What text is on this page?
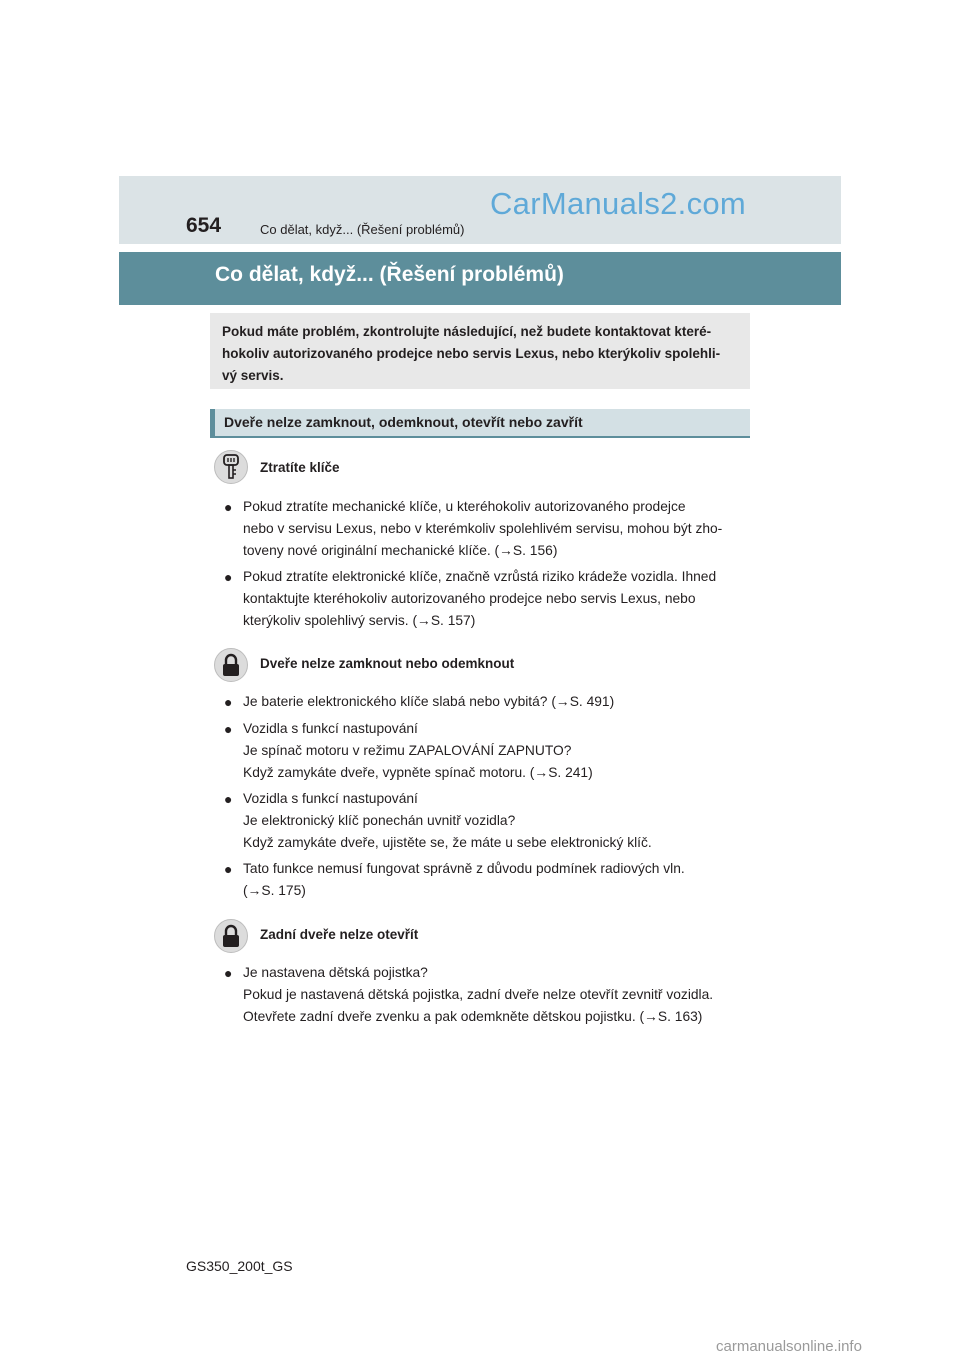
654	Co dělat, když... (Řešení problémů)
CarManuals2.com
Co dělat, když... (Řešení problémů)
Pokud máte problém, zkontrolujte následující, než budete kontaktovat které-
hokoliv autorizovaného prodejce nebo servis Lexus, nebo kterýkoliv spolehli-
vý servis.
Dveře nelze zamknout, odemknout, otevřít nebo zavřít
Ztratíte klíče
● Pokud ztratíte mechanické klíče, u kteréhokoliv autorizovaného prodejce
nebo v servisu Lexus, nebo v kterémkoliv spolehlivém servisu, mohou být zho-
toveny nové originální mechanické klíče. (→S. 156)
● Pokud ztratíte elektronické klíče, značně vzrůstá riziko krádeže vozidla. Ihned
kontaktujte kteréhokoliv autorizovaného prodejce nebo servis Lexus, nebo
kterýkoliv spolehlivý servis. (→S. 157)
Dveře nelze zamknout nebo odemknout
● Je baterie elektronického klíče slabá nebo vybitá? (→S. 491)
● Vozidla s funkcí nastupování
Je spínač motoru v režimu ZAPALOVÁNÍ ZAPNUTO?
Když zamykáte dveře, vypněte spínač motoru. (→S. 241)
● Vozidla s funkcí nastupování
Je elektronický klíč ponechán uvnitř vozidla?
Když zamykáte dveře, ujistěte se, že máte u sebe elektronický klíč.
● Tato funkce nemusí fungovat správně z důvodu podmínek radiových vln.
(→S. 175)
Zadní dveře nelze otevřít
● Je nastavena dětská pojistka?
Pokud je nastavená dětská pojistka, zadní dveře nelze otevřít zevnitř vozidla.
Otevřete zadní dveře zvenku a pak odemkněte dětskou pojistku. (→S. 163)
GS350_200t_GS
carmanualsonline.info
